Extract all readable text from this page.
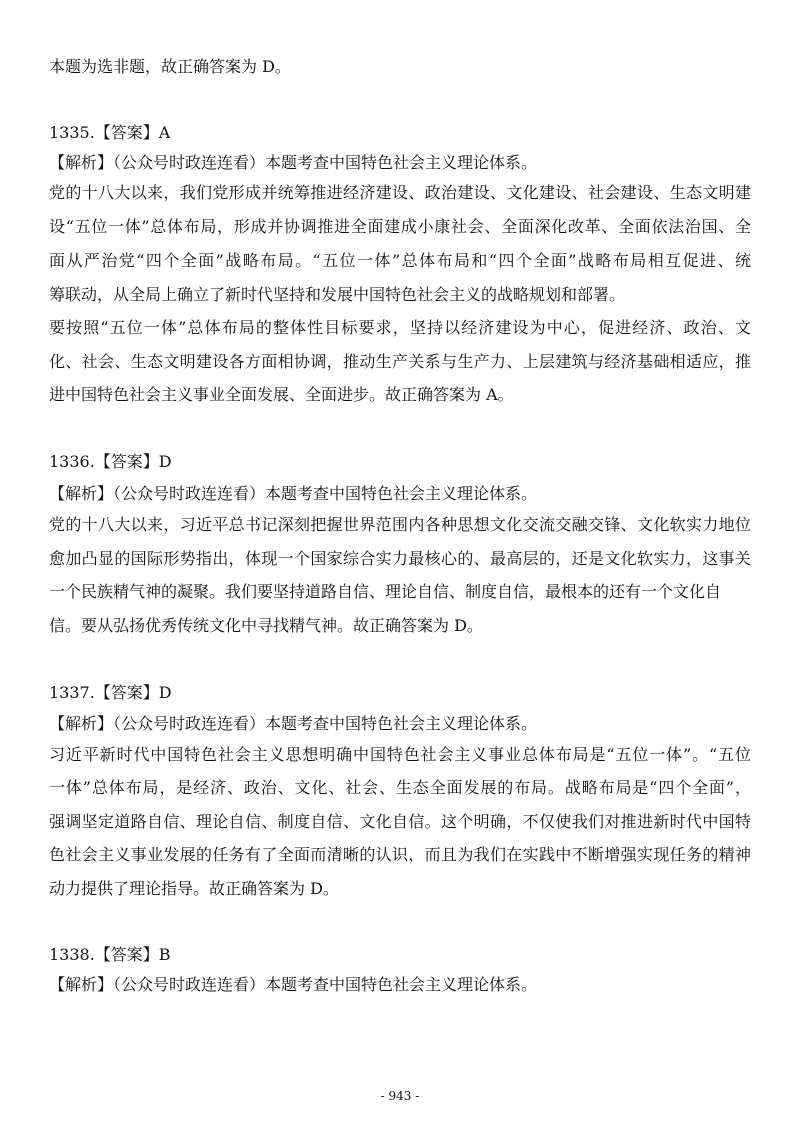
本题为选非题，故正确答案为 D。
1335.【答案】A
【解析】（公众号时政连连看）本题考查中国特色社会主义理论体系。
党的十八大以来，我们党形成并统筹推进经济建设、政治建设、文化建设、社会建设、生态文明建
设“五位一体”总体布局，形成并协调推进全面建成小康社会、全面深化改革、全面依法治国、全
面从严治党“四个全面”战略布局。“五位一体”总体布局和“四个全面”战略布局相互促进、统
筹联动，从全局上确立了新时代坚持和发展中国特色社会主义的战略规划和部署。
要按照“五位一体”总体布局的整体性目标要求，坚持以经济建设为中心，促进经济、政治、文
化、社会、生态文明建设各方面相协调，推动生产关系与生产力、上层建筑与经济基础相适应，推
进中国特色社会主义事业全面发展、全面进步。故正确答案为 A。
1336.【答案】D
【解析】（公众号时政连连看）本题考查中国特色社会主义理论体系。
党的十八大以来，习近平总书记深刻把握世界范围内各种思想文化交流交融交锋、文化软实力地位
愈加凸显的国际形势指出，体现一个国家综合实力最核心的、最高层的，还是文化软实力，这事关
一个民族精气神的凝聚。我们要坚持道路自信、理论自信、制度自信，最根本的还有一个文化自
信。要从弘扬优秀传统文化中寻找精气神。故正确答案为 D。
1337.【答案】D
【解析】（公众号时政连连看）本题考查中国特色社会主义理论体系。
习近平新时代中国特色社会主义思想明确中国特色社会主义事业总体布局是“五位一体”。“五位
一体”总体布局，是经济、政治、文化、社会、生态全面发展的布局。战略布局是“四个全面”，
强调坚定道路自信、理论自信、制度自信、文化自信。这个明确，不仅使我们对推进新时代中国特
色社会主义事业发展的任务有了全面而清晰的认识，而且为我们在实践中不断增强实现任务的精神
动力提供了理论指导。故正确答案为 D。
1338.【答案】B
【解析】（公众号时政连连看）本题考查中国特色社会主义理论体系。
- 943 -
